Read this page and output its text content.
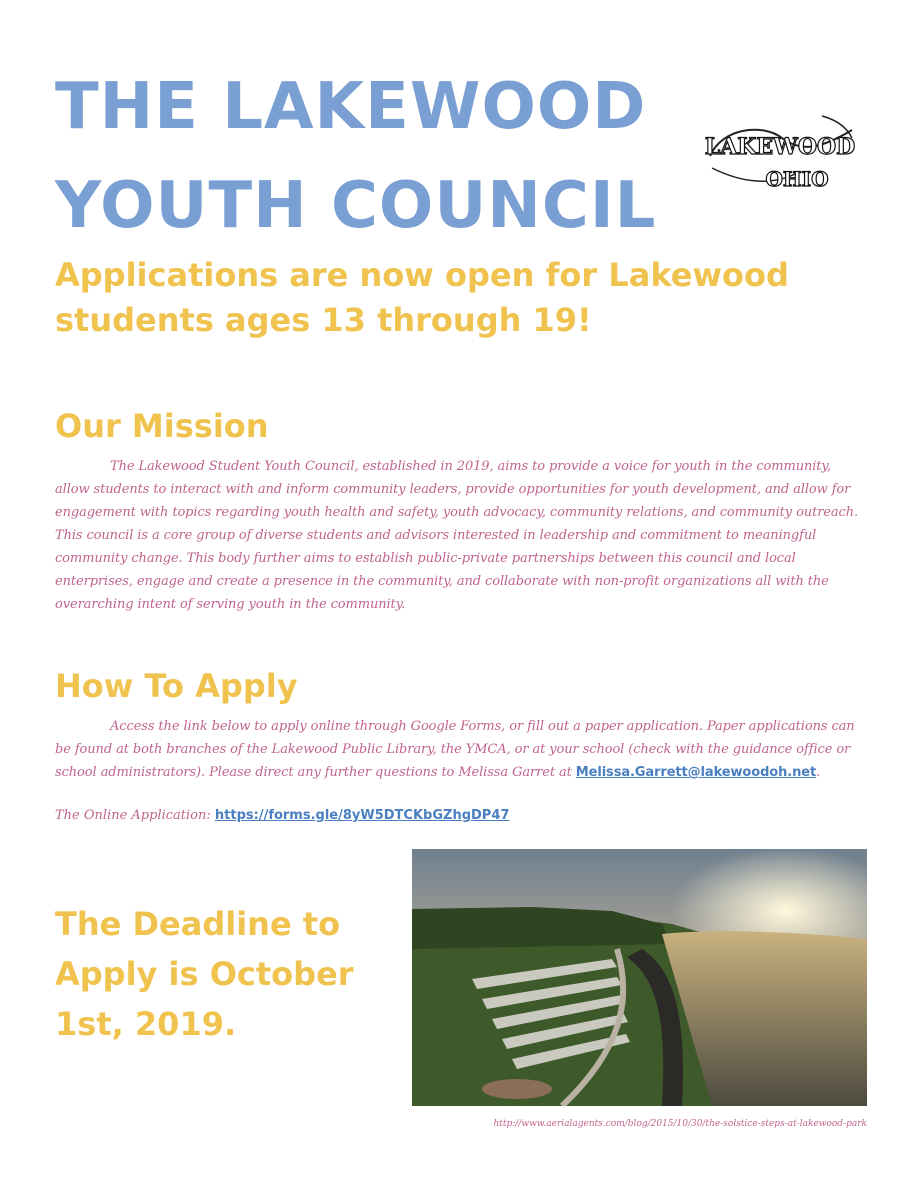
THE LAKEWOOD
YOUTH COUNCIL
LAKEWOOD
OHIO

Applications are now open for Lakewood students ages 13 through 19!

Our Mission

The Lakewood Student Youth Council, established in 2019, aims to provide a voice for youth in the community, allow students to interact with and inform community leaders, provide opportunities for youth development, and allow for engagement with topics regarding youth health and safety, youth advocacy, community relations, and community outreach. This council is a core group of diverse students and advisors interested in leadership and commitment to meaningful community change. This body further aims to establish public-private partnerships between this council and local enterprises, engage and create a presence in the community, and collaborate with non-profit organizations all with the overarching intent of serving youth in the community.

How To Apply

Access the link below to apply online through Google Forms, or fill out a paper application. Paper applications can be found at both branches of the Lakewood Public Library, the YMCA, or at your school (check with the guidance office or school administrators). Please direct any further questions to Melissa Garret at Melissa.Garrett@lakewoodoh.net.

The Online Application: https://forms.gle/8yW5DTCKbGZhgDP47

The Deadline to Apply is October 1st, 2019.

http://www.aerialagents.com/blog/2015/10/30/the-solstice-steps-at-lakewood-park
